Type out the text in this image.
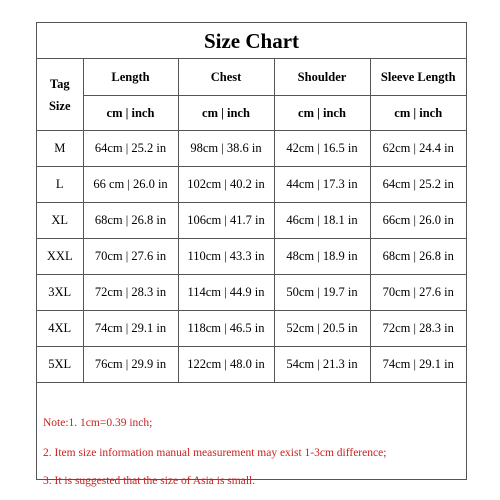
Size Chart
Tag
Size	Length	Chest	Shoulder	Sleeve Length
	cm | inch	cm | inch	cm | inch	cm | inch
M	64cm | 25.2 in	98cm | 38.6 in	42cm | 16.5 in	62cm | 24.4 in
L	66 cm | 26.0 in	102cm | 40.2 in	44cm | 17.3 in	64cm | 25.2 in
XL	68cm | 26.8 in	106cm | 41.7 in	46cm | 18.1 in	66cm | 26.0 in
XXL	70cm | 27.6 in	110cm | 43.3 in	48cm | 18.9 in	68cm | 26.8 in
3XL	72cm | 28.3 in	114cm | 44.9 in	50cm | 19.7 in	70cm | 27.6 in
4XL	74cm | 29.1 in	118cm | 46.5 in	52cm | 20.5 in	72cm | 28.3 in
5XL	76cm | 29.9 in	122cm | 48.0 in	54cm | 21.3 in	74cm | 29.1 in
Note:1. 1cm=0.39 inch;
2. Item size information manual measurement may exist 1-3cm difference;
3. It is suggested that the size of Asia is small.
